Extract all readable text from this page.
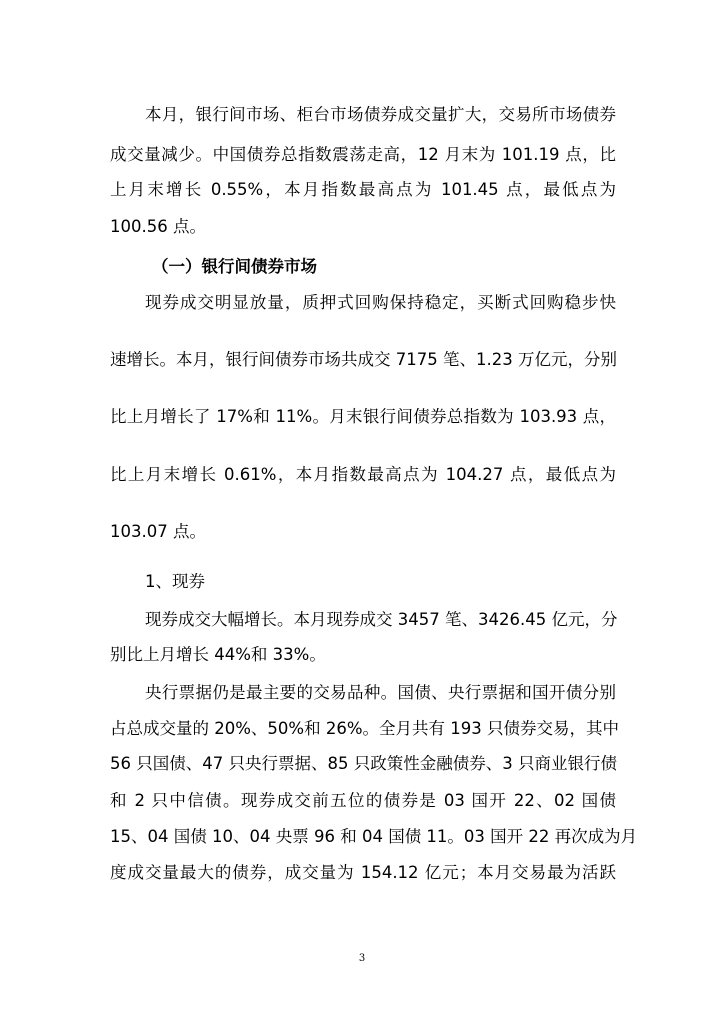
本月，银行间市场、柜台市场债券成交量扩大，交易所市场债券
成交量减少。中国债券总指数震荡走高，12 月末为 101.19 点，比
上月末增长 0.55%，本月指数最高点为 101.45 点，最低点为
100.56 点。
（一）银行间债券市场
现券成交明显放量，质押式回购保持稳定，买断式回购稳步快
速增长。本月，银行间债券市场共成交 7175 笔、1.23 万亿元，分别
比上月增长了 17%和 11%。月末银行间债券总指数为 103.93 点，
比上月末增长 0.61%，本月指数最高点为 104.27 点，最低点为
103.07 点。
1、现券
现券成交大幅增长。本月现券成交 3457 笔、3426.45 亿元，分
别比上月增长 44%和 33%。
央行票据仍是最主要的交易品种。国债、央行票据和国开债分别
占总成交量的 20%、50%和 26%。全月共有 193 只债券交易，其中
56 只国债、47 只央行票据、85 只政策性金融债券、3 只商业银行债
和 2 只中信债。现券成交前五位的债券是 03 国开 22、02 国债
15、04 国债 10、04 央票 96 和 04 国债 11。03 国开 22 再次成为月
度成交量最大的债券，成交量为 154.12 亿元；本月交易最为活跃
3
